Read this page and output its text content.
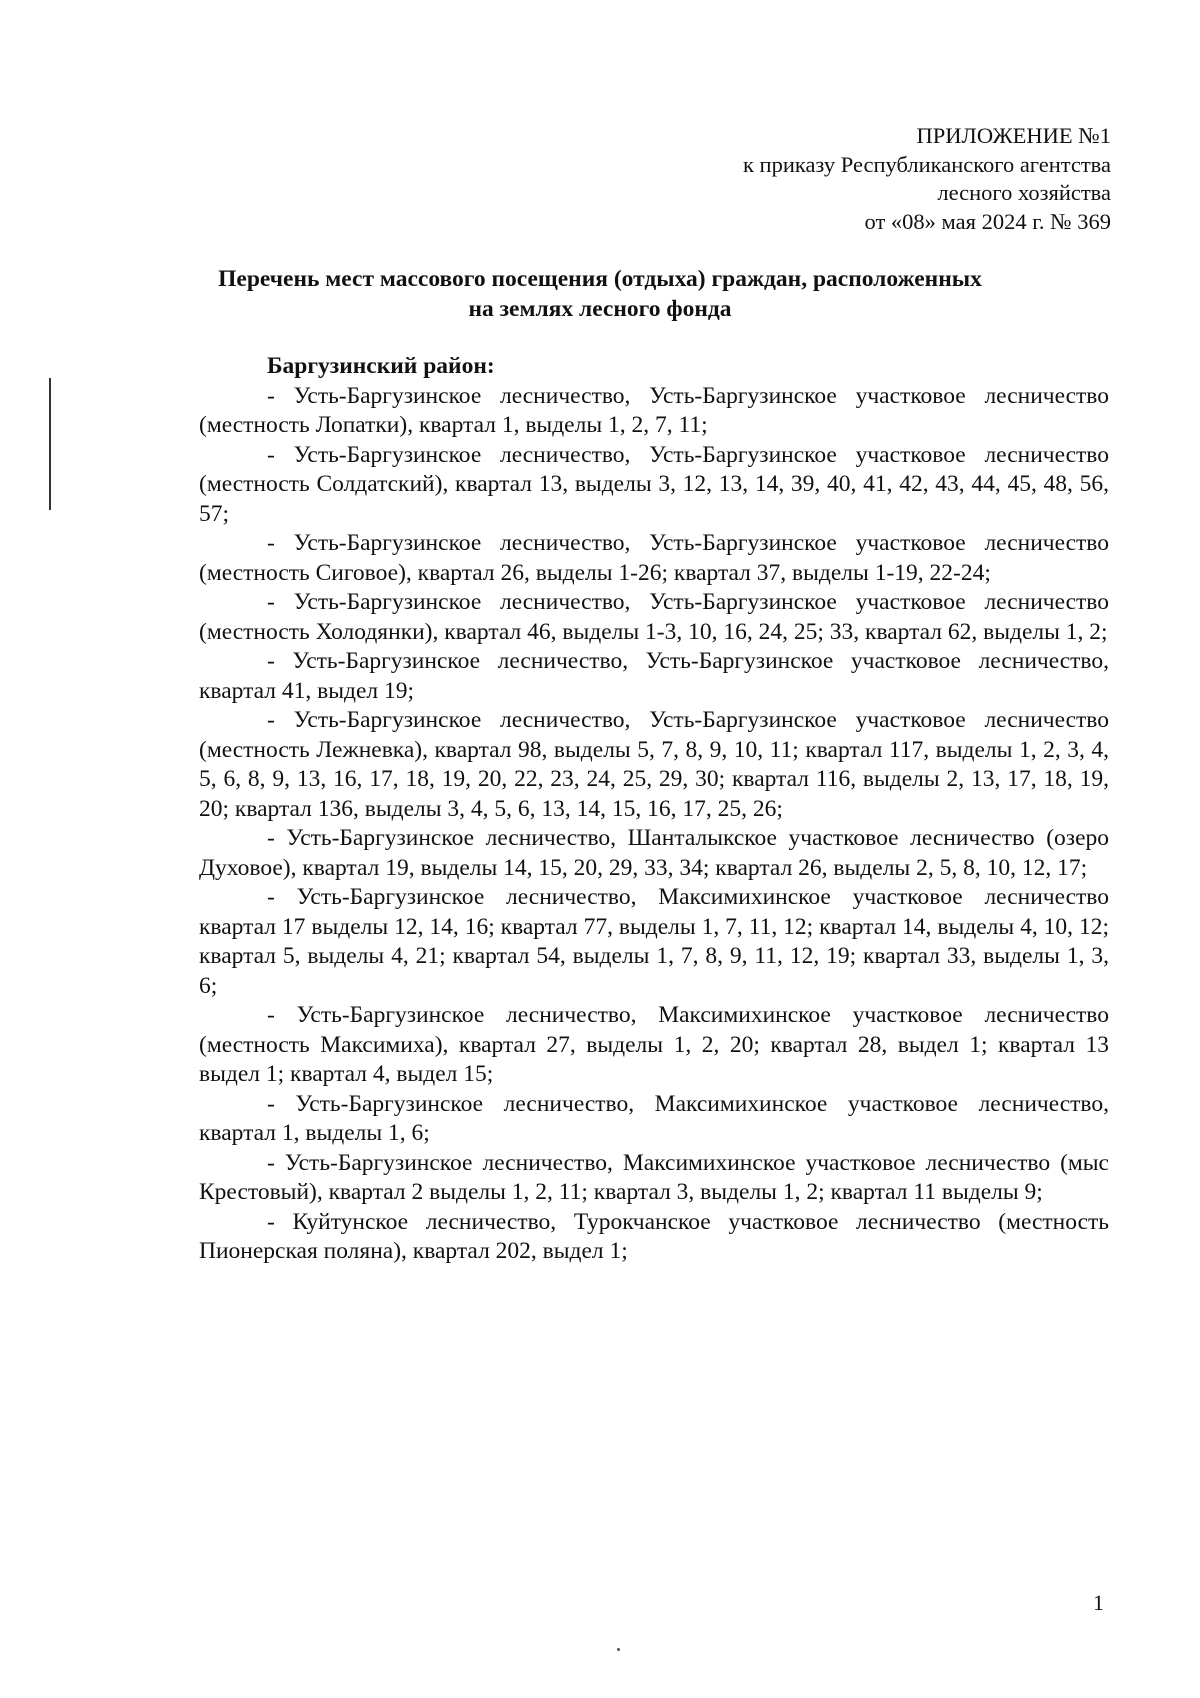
ПРИЛОЖЕНИЕ №1
к приказу Республиканского агентства
лесного хозяйства
от «08» мая 2024 г. № 369
Перечень мест массового посещения (отдыха) граждан, расположенных
на землях лесного фонда
Баргузинский район:

- Усть-Баргузинское лесничество, Усть-Баргузинское участковое лесничество (местность Лопатки), квартал 1, выделы 1, 2, 7, 11;

- Усть-Баргузинское лесничество, Усть-Баргузинское участковое лесничество (местность Солдатский), квартал 13, выделы 3, 12, 13, 14, 39, 40, 41, 42, 43, 44, 45, 48, 56, 57;

- Усть-Баргузинское лесничество, Усть-Баргузинское участковое лесничество (местность Сиговое), квартал 26, выделы 1-26; квартал 37, выделы 1-19, 22-24;

- Усть-Баргузинское лесничество, Усть-Баргузинское участковое лесничество (местность Холодянки), квартал 46, выделы 1-3, 10, 16, 24, 25; 33, квартал 62, выделы 1, 2;

- Усть-Баргузинское лесничество, Усть-Баргузинское участковое лесничество, квартал 41, выдел 19;

- Усть-Баргузинское лесничество, Усть-Баргузинское участковое лесничество (местность Лежневка), квартал 98, выделы 5, 7, 8, 9, 10, 11; квартал 117, выделы 1, 2, 3, 4, 5, 6, 8, 9, 13, 16, 17, 18, 19, 20, 22, 23, 24, 25, 29, 30; квартал 116, выделы 2, 13, 17, 18, 19, 20; квартал 136, выделы 3, 4, 5, 6, 13, 14, 15, 16, 17, 25, 26;

- Усть-Баргузинское лесничество, Шанталыкское участковое лесничество (озеро Духовое), квартал 19, выделы 14, 15, 20, 29, 33, 34; квартал 26, выделы 2, 5, 8, 10, 12, 17;

- Усть-Баргузинское лесничество, Максимихинское участковое лесничество квартал 17 выделы 12, 14, 16; квартал 77, выделы 1, 7, 11, 12; квартал 14, выделы 4, 10, 12; квартал 5, выделы 4, 21; квартал 54, выделы 1, 7, 8, 9, 11, 12, 19; квартал 33, выделы 1, 3, 6;

- Усть-Баргузинское лесничество, Максимихинское участковое лесничество (местность Максимиха), квартал 27, выделы 1, 2, 20; квартал 28, выдел 1; квартал 13 выдел 1; квартал 4, выдел 15;

- Усть-Баргузинское лесничество, Максимихинское участковое лесничество, квартал 1, выделы 1, 6;

- Усть-Баргузинское лесничество, Максимихинское участковое лесничество (мыс Крестовый), квартал 2 выделы 1, 2, 11; квартал 3, выделы 1, 2; квартал 11 выделы 9;

- Куйтунское лесничество, Турокчанское участковое лесничество (местность Пионерская поляна), квартал 202, выдел 1;

1
